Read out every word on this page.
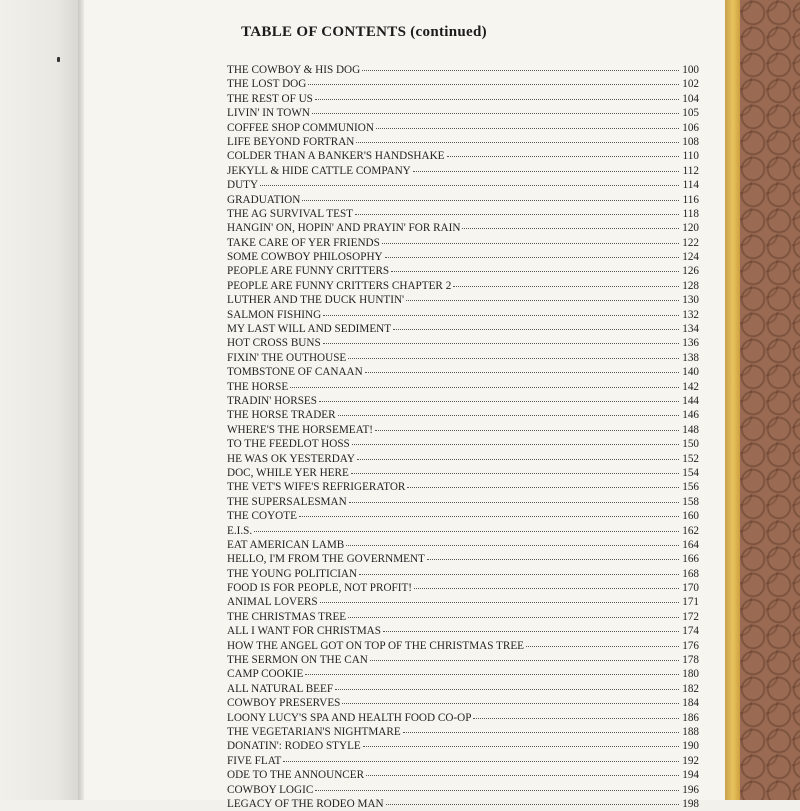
TABLE OF CONTENTS (continued)
THE COWBOY & HIS DOG	100
THE LOST DOG	102
THE REST OF US	104
LIVIN' IN TOWN	105
COFFEE SHOP COMMUNION	106
LIFE BEYOND FORTRAN	108
COLDER THAN A BANKER'S HANDSHAKE	110
JEKYLL & HIDE CATTLE COMPANY	112
DUTY	114
GRADUATION	116
THE AG SURVIVAL TEST	118
HANGIN' ON, HOPIN' AND PRAYIN' FOR RAIN	120
TAKE CARE OF YER FRIENDS	122
SOME COWBOY PHILOSOPHY	124
PEOPLE ARE FUNNY CRITTERS	126
PEOPLE ARE FUNNY CRITTERS CHAPTER 2	128
LUTHER AND THE DUCK HUNTIN'	130
SALMON FISHING	132
MY LAST WILL AND SEDIMENT	134
HOT CROSS BUNS	136
FIXIN' THE OUTHOUSE	138
TOMBSTONE OF CANAAN	140
THE HORSE	142
TRADIN' HORSES	144
THE HORSE TRADER	146
WHERE'S THE HORSEMEAT!	148
TO THE FEEDLOT HOSS	150
HE WAS OK YESTERDAY	152
DOC, WHILE YER HERE	154
THE VET'S WIFE'S REFRIGERATOR	156
THE SUPERSALESMAN	158
THE COYOTE	160
E.I.S.	162
EAT AMERICAN LAMB	164
HELLO, I'M FROM THE GOVERNMENT	166
THE YOUNG POLITICIAN	168
FOOD IS FOR PEOPLE, NOT PROFIT!	170
ANIMAL LOVERS	171
THE CHRISTMAS TREE	172
ALL I WANT FOR CHRISTMAS	174
HOW THE ANGEL GOT ON TOP OF THE CHRISTMAS TREE	176
THE SERMON ON THE CAN	178
CAMP COOKIE	180
ALL NATURAL BEEF	182
COWBOY PRESERVES	184
LOONY LUCY'S SPA AND HEALTH FOOD CO-OP	186
THE VEGETARIAN'S NIGHTMARE	188
DONATIN': RODEO STYLE	190
FIVE FLAT	192
ODE TO THE ANNOUNCER	194
COWBOY LOGIC	196
LEGACY OF THE RODEO MAN	198
